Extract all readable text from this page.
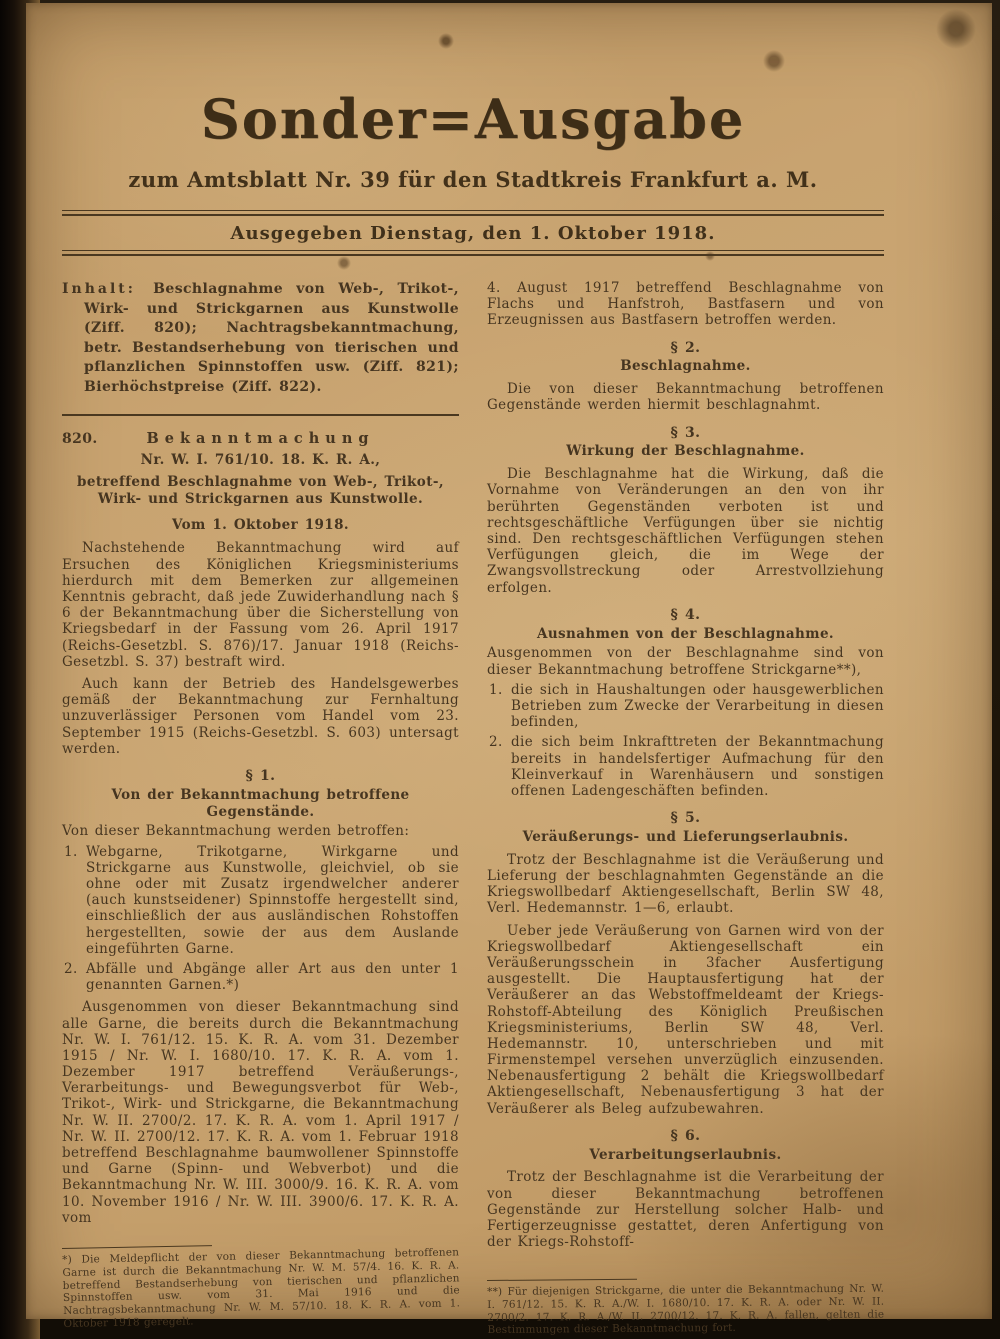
Sonder=Ausgabe
zum Amtsblatt Nr. 39 für den Stadtkreis Frankfurt a. M.
Ausgegeben Dienstag, den 1. Oktober 1918.

Inhalt: Beschlagnahme von Web-, Trikot-, Wirk- und Strickgarnen aus Kunstwolle (Ziff. 820); Nachtragsbekanntmachung, betr. Bestandserhebung von tierischen und pflanzlichen Spinnstoffen usw. (Ziff. 821); Bierhöchstpreise (Ziff. 822).

820.	Bekanntmachung
Nr. W. I. 761/10. 18. K. R. A.,
betreffend Beschlagnahme von Web-, Trikot-, Wirk- und Strickgarnen aus Kunstwolle.
Vom 1. Oktober 1918.

Nachstehende Bekanntmachung wird auf Ersuchen des Königlichen Kriegsministeriums hierdurch mit dem Bemerken zur allgemeinen Kenntnis gebracht, daß jede Zuwiderhandlung nach § 6 der Bekanntmachung über die Sicherstellung von Kriegsbedarf in der Fassung vom 26. April 1917 (Reichs-Gesetzbl. S. 876)/17. Januar 1918 (Reichs-Gesetzbl. S. 37) bestraft wird.

Auch kann der Betrieb des Handelsgewerbes gemäß der Bekanntmachung zur Fernhaltung unzuverlässiger Personen vom Handel vom 23. September 1915 (Reichs-Gesetzbl. S. 603) untersagt werden.

§ 1.
Von der Bekanntmachung betroffene Gegenstände.

Von dieser Bekanntmachung werden betroffen:

1. Webgarne, Trikotgarne, Wirkgarne und Strickgarne aus Kunstwolle, gleichviel, ob sie ohne oder mit Zusatz irgendwelcher anderer (auch kunstseidener) Spinnstoffe hergestellt sind, einschließlich der aus ausländischen Rohstoffen hergestellten, sowie der aus dem Auslande eingeführten Garne.
2. Abfälle und Abgänge aller Art aus den unter 1 genannten Garnen.*)

Ausgenommen von dieser Bekanntmachung sind alle Garne, die bereits durch die Bekanntmachung Nr. W. I. 761/12. 15. K. R. A. vom 31. Dezember 1915 / Nr. W. I. 1680/10. 17. K. R. A. vom 1. Dezember 1917 betreffend Veräußerungs-, Verarbeitungs- und Bewegungsverbot für Web-, Trikot-, Wirk- und Strickgarne, die Bekanntmachung Nr. W. II. 2700/2. 17. K. R. A. vom 1. April 1917 / Nr. W. II. 2700/12. 17. K. R. A. vom 1. Februar 1918 betreffend Beschlagnahme baumwollener Spinnstoffe und Garne (Spinn- und Webverbot) und die Bekanntmachung Nr. W. III. 3000/9. 16. K. R. A. vom 10. November 1916 / Nr. W. III. 3900/6. 17. K. R. A. vom

*) Die Meldepflicht der von dieser Bekanntmachung betroffenen Garne ist durch die Bekanntmachung Nr. W. M. 57/4. 16. K. R. A. betreffend Bestandserhebung von tierischen und pflanzlichen Spinnstoffen usw. vom 31. Mai 1916 und die Nachtragsbekanntmachung Nr. W. M. 57/10. 18. K. R. A. vom 1. Oktober 1918 geregelt.

4. August 1917 betreffend Beschlagnahme von Flachs und Hanfstroh, Bastfasern und von Erzeugnissen aus Bastfasern betroffen werden.

§ 2.
Beschlagnahme.

Die von dieser Bekanntmachung betroffenen Gegenstände werden hiermit beschlagnahmt.

§ 3.
Wirkung der Beschlagnahme.

Die Beschlagnahme hat die Wirkung, daß die Vornahme von Veränderungen an den von ihr berührten Gegenständen verboten ist und rechtsgeschäftliche Verfügungen über sie nichtig sind. Den rechtsgeschäftlichen Verfügungen stehen Verfügungen gleich, die im Wege der Zwangsvollstreckung oder Arrestvollziehung erfolgen.

§ 4.
Ausnahmen von der Beschlagnahme.

Ausgenommen von der Beschlagnahme sind von dieser Bekanntmachung betroffene Strickgarne**),

1. die sich in Haushaltungen oder hausgewerblichen Betrieben zum Zwecke der Verarbeitung in diesen befinden,
2. die sich beim Inkrafttreten der Bekanntmachung bereits in handelsfertiger Aufmachung für den Kleinverkauf in Warenhäusern und sonstigen offenen Ladengeschäften befinden.
§ 5.
Veräußerungs- und Lieferungserlaubnis.

Trotz der Beschlagnahme ist die Veräußerung und Lieferung der beschlagnahmten Gegenstände an die Kriegswollbedarf Aktiengesellschaft, Berlin SW 48, Verl. Hedemannstr. 1—6, erlaubt.

Ueber jede Veräußerung von Garnen wird von der Kriegswollbedarf Aktiengesellschaft ein Veräußerungsschein in 3facher Ausfertigung ausgestellt. Die Hauptausfertigung hat der Veräußerer an das Webstoffmeldeamt der Kriegs-Rohstoff-Abteilung des Königlich Preußischen Kriegsministeriums, Berlin SW 48, Verl. Hedemannstr. 10, unterschrieben und mit Firmenstempel versehen unverzüglich einzusenden. Nebenausfertigung 2 behält die Kriegswollbedarf Aktiengesellschaft, Nebenausfertigung 3 hat der Veräußerer als Beleg aufzubewahren.

§ 6.
Verarbeitungserlaubnis.

Trotz der Beschlagnahme ist die Verarbeitung der von dieser Bekanntmachung betroffenen Gegenstände zur Herstellung solcher Halb- und Fertigerzeugnisse gestattet, deren Anfertigung von der Kriegs-Rohstoff-

**) Für diejenigen Strickgarne, die unter die Bekanntmachung Nr. W. I. 761/12. 15. K. R. A./W. I. 1680/10. 17. K. R. A. oder Nr. W. II. 2700/2. 17. K. R. A./W. II. 2700/12. 17. K. R. A. fallen, gelten die Bestimmungen dieser Bekanntmachung fort.
